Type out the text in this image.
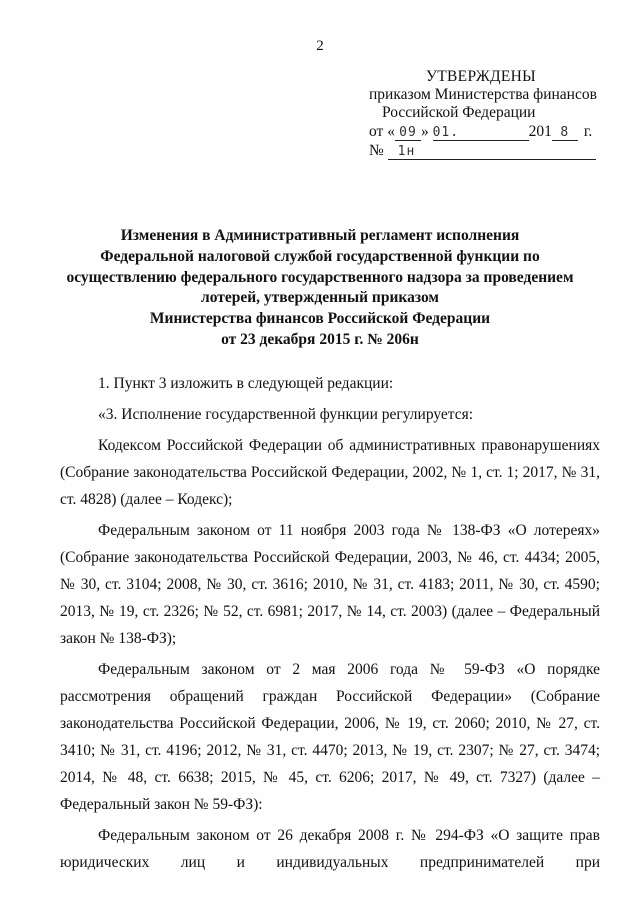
2
УТВЕРЖДЕНЫ
приказом Министерства финансов
Российской Федерации
от « 09 » 01.	201 8 г.
№ 1н
Изменения в Административный регламент исполнения
Федеральной налоговой службой государственной функции по
осуществлению федерального государственного надзора за проведением
лотерей, утвержденный приказом
Министерства финансов Российской Федерации
от 23 декабря 2015 г. № 206н

1. Пункт 3 изложить в следующей редакции:

«3. Исполнение государственной функции регулируется:

Кодексом Российской Федерации об административных правонарушениях (Собрание законодательства Российской Федерации, 2002, № 1, ст. 1; 2017, № 31, ст. 4828) (далее – Кодекс);

Федеральным законом от 11 ноября 2003 года № 138-ФЗ «О лотереях» (Собрание законодательства Российской Федерации, 2003, № 46, ст. 4434; 2005, № 30, ст. 3104; 2008, № 30, ст. 3616; 2010, № 31, ст. 4183; 2011, № 30, ст. 4590; 2013, № 19, ст. 2326; № 52, ст. 6981; 2017, № 14, ст. 2003) (далее – Федеральный закон № 138-ФЗ);

Федеральным законом от 2 мая 2006 года № 59-ФЗ «О порядке рассмотрения обращений граждан Российской Федерации» (Собрание законодательства Российской Федерации, 2006, № 19, ст. 2060; 2010, № 27, ст. 3410; № 31, ст. 4196; 2012, № 31, ст. 4470; 2013, № 19, ст. 2307; № 27, ст. 3474; 2014, № 48, ст. 6638; 2015, № 45, ст. 6206; 2017, № 49, ст. 7327) (далее – Федеральный закон № 59-ФЗ):

Федеральным законом от 26 декабря 2008 г. № 294-ФЗ «О защите прав юридических лиц и индивидуальных предпринимателей при
